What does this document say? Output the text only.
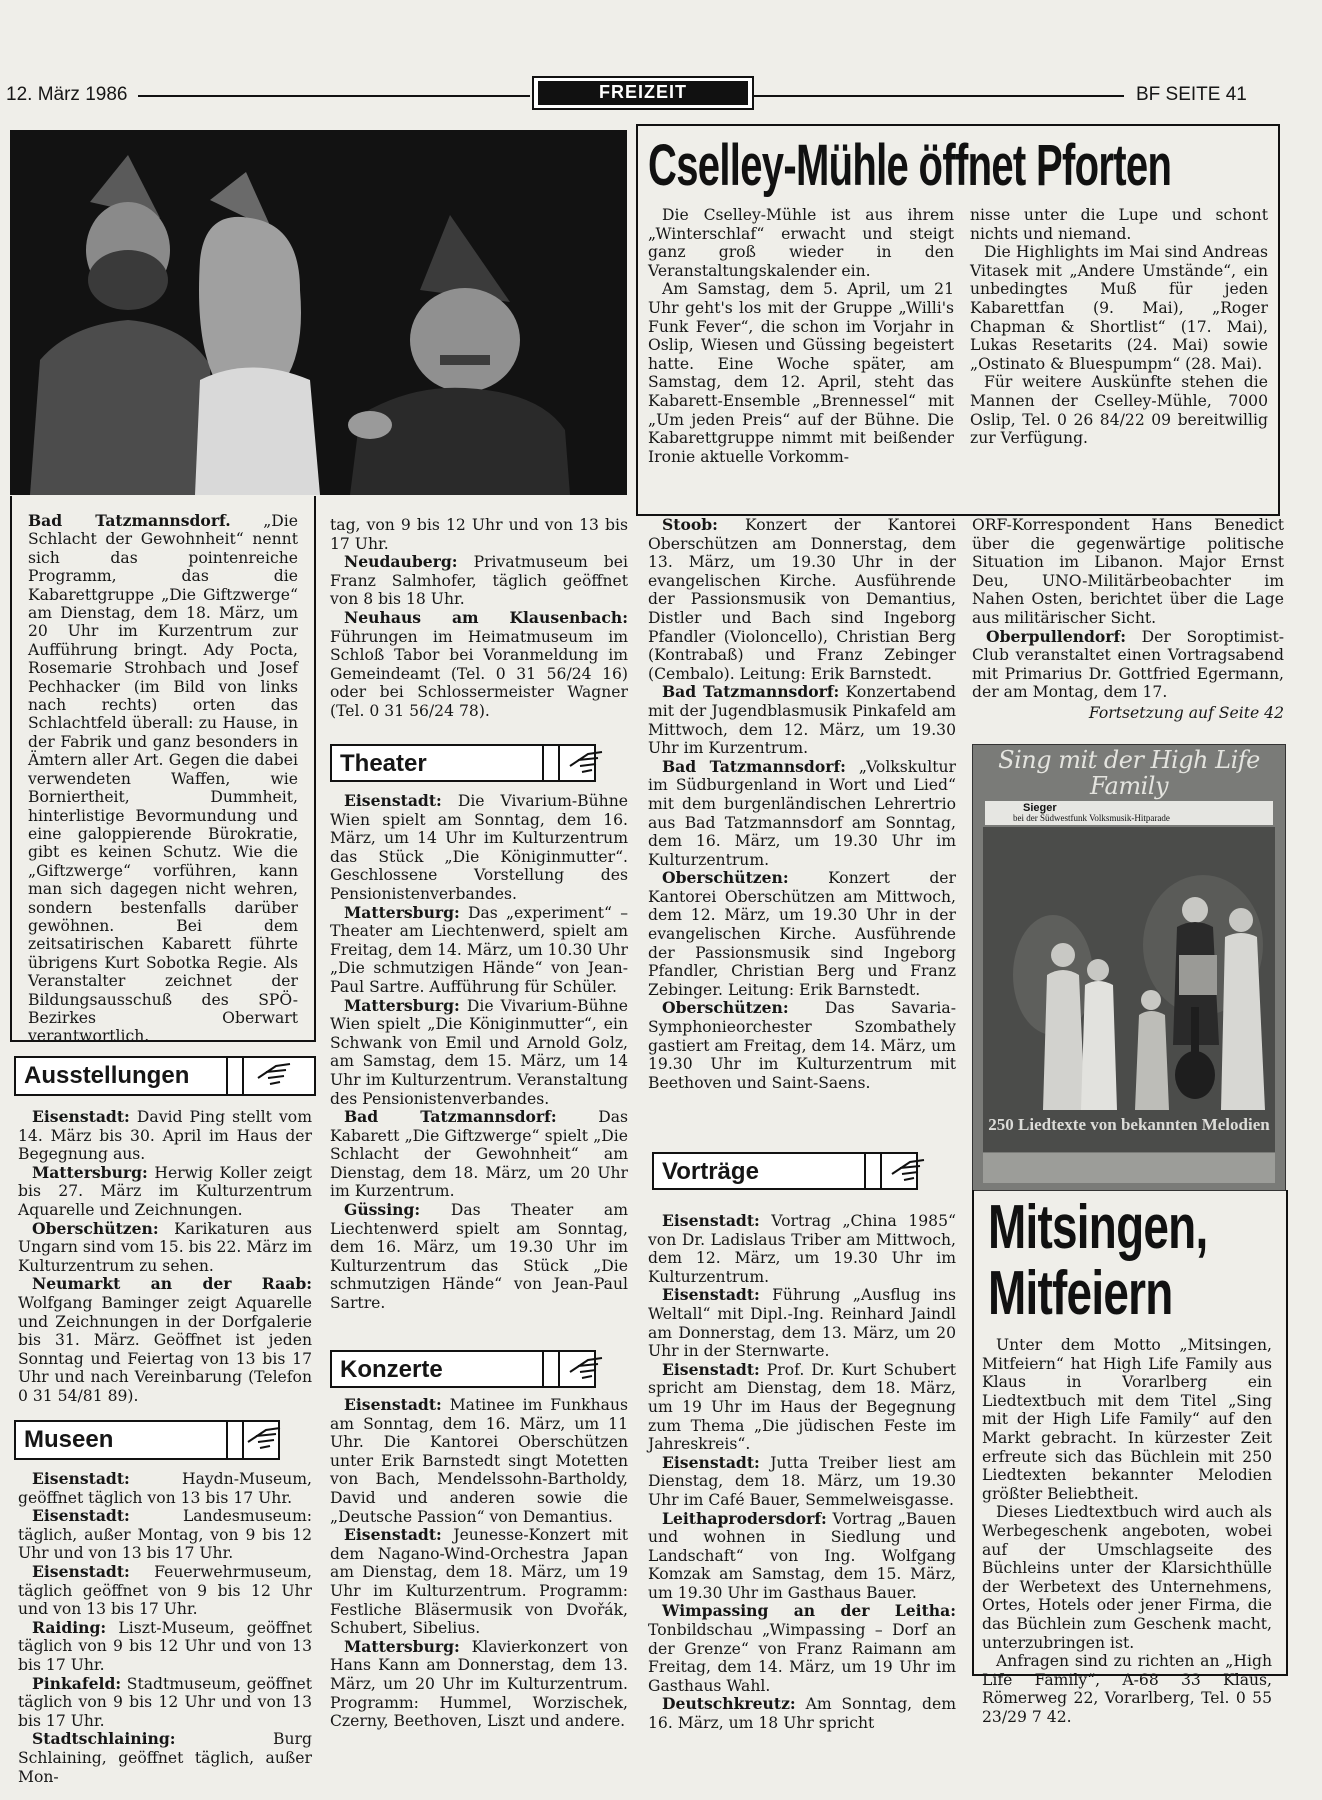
12. März 1986	FREIZEIT	BF SEITE 41
Cselley-Mühle öffnet Pforten

Die Cselley-Mühle ist aus ihrem „Winterschlaf“ erwacht und steigt ganz groß wieder in den Veranstaltungskalender ein.

Am Samstag, dem 5. April, um 21 Uhr geht's los mit der Gruppe „Willi's Funk Fever“, die schon im Vorjahr in Oslip, Wiesen und Güssing begeistert hatte. Eine Woche später, am Samstag, dem 12. April, steht das Kabarett-Ensemble „Brennessel“ mit „Um jeden Preis“ auf der Bühne. Die Kabarettgruppe nimmt mit beißender Ironie aktuelle Vorkomm-

nisse unter die Lupe und schont nichts und niemand.

Die Highlights im Mai sind Andreas Vitasek mit „Andere Umstände“, ein unbedingtes Muß für jeden Kabarettfan (9. Mai), „Roger Chapman & Shortlist“ (17. Mai), Lukas Resetarits (24. Mai) sowie „Ostinato & Bluespumpm“ (28. Mai).

Für weitere Auskünfte stehen die Mannen der Cselley-Mühle, 7000 Oslip, Tel. 0 26 84/22 09 bereitwillig zur Verfügung.

Bad Tatzmannsdorf. „Die Schlacht der Gewohnheit“ nennt sich das pointenreiche Programm, das die Kabarettgruppe „Die Giftzwerge“ am Dienstag, dem 18. März, um 20 Uhr im Kurzentrum zur Aufführung bringt. Ady Pocta, Rosemarie Strohbach und Josef Pechhacker (im Bild von links nach rechts) orten das Schlachtfeld überall: zu Hause, in der Fabrik und ganz besonders in Ämtern aller Art. Gegen die dabei verwendeten Waffen, wie Borniertheit, Dummheit, hinterlistige Bevormundung und eine galoppierende Bürokratie, gibt es keinen Schutz. Wie die „Giftzwerge“ vorführen, kann man sich dagegen nicht wehren, sondern bestenfalls darüber gewöhnen. Bei dem zeitsatirischen Kabarett führte übrigens Kurt Sobotka Regie. Als Veranstalter zeichnet der Bildungsausschuß des SPÖ-Bezirkes Oberwart verantwortlich.

Ausstellungen

Eisenstadt: David Ping stellt vom 14. März bis 30. April im Haus der Begegnung aus.

Mattersburg: Herwig Koller zeigt bis 27. März im Kulturzentrum Aquarelle und Zeichnungen.

Oberschützen: Karikaturen aus Ungarn sind vom 15. bis 22. März im Kulturzentrum zu sehen.

Neumarkt an der Raab: Wolfgang Baminger zeigt Aquarelle und Zeichnungen in der Dorfgalerie bis 31. März. Geöffnet ist jeden Sonntag und Feiertag von 13 bis 17 Uhr und nach Vereinbarung (Telefon 0 31 54/81 89).

Museen

Eisenstadt:	Haydn-Museum, geöffnet täglich von 13 bis 17 Uhr.

Eisenstadt:	Landesmuseum: täglich, außer Montag, von 9 bis 12 Uhr und von 13 bis 17 Uhr.

Eisenstadt: Feuerwehrmuseum, täglich geöffnet von 9 bis 12 Uhr und von 13 bis 17 Uhr.

Raiding: Liszt-Museum, geöffnet täglich von 9 bis 12 Uhr und von 13 bis 17 Uhr.

Pinkafeld: Stadtmuseum, geöffnet täglich von 9 bis 12 Uhr und von 13 bis 17 Uhr.

Stadtschlaining:	Burg Schlaining, geöffnet täglich, außer Mon-

tag, von 9 bis 12 Uhr und von 13 bis 17 Uhr.

Neudauberg: Privatmuseum bei Franz Salmhofer, täglich geöffnet von 8 bis 18 Uhr.

Neuhaus am Klausenbach: Führungen im Heimatmuseum im Schloß Tabor bei Voranmeldung im Gemeindeamt (Tel. 0 31 56/24 16) oder bei Schlossermeister Wagner (Tel. 0 31 56/24 78).

Theater

Eisenstadt: Die Vivarium-Bühne Wien spielt am Sonntag, dem 16. März, um 14 Uhr im Kulturzentrum das Stück „Die Königinmutter“. Geschlossene Vorstellung des Pensionistenverbandes.

Mattersburg: Das „experiment“ – Theater am Liechtenwerd, spielt am Freitag, dem 14. März, um 10.30 Uhr „Die schmutzigen Hände“ von Jean-Paul Sartre. Aufführung für Schüler.

Mattersburg: Die Vivarium-Bühne Wien spielt „Die Königinmutter“, ein Schwank von Emil und Arnold Golz, am Samstag, dem 15. März, um 14 Uhr im Kulturzentrum. Veranstaltung des Pensionistenverbandes.

Bad Tatzmannsdorf:	Das Kabarett „Die Giftzwerge“ spielt „Die Schlacht der Gewohnheit“ am Dienstag, dem 18. März, um 20 Uhr im Kurzentrum.

Güssing: Das Theater am Liechtenwerd spielt am Sonntag, dem 16. März, um 19.30 Uhr im Kulturzentrum das Stück „Die schmutzigen Hände“ von Jean-Paul Sartre.

Konzerte

Eisenstadt: Matinee im Funkhaus am Sonntag, dem 16. März, um 11 Uhr. Die Kantorei Oberschützen unter Erik Barnstedt singt Motetten von Bach, Mendelssohn-Bartholdy, David und anderen sowie die „Deutsche Passion“ von Demantius.

Eisenstadt: Jeunesse-Konzert mit dem Nagano-Wind-Orchestra Japan am Dienstag, dem 18. März, um 19 Uhr im Kulturzentrum. Programm: Festliche Bläsermusik von Dvořák, Schubert, Sibelius.

Mattersburg: Klavierkonzert von Hans Kann am Donnerstag, dem 13. März, um 20 Uhr im Kulturzentrum. Programm: Hummel, Worzischek, Czerny, Beethoven, Liszt und andere.

Stoob: Konzert der Kantorei Oberschützen am Donnerstag, dem 13. März, um 19.30 Uhr in der evangelischen Kirche. Ausführende der Passionsmusik von Demantius, Distler und Bach sind Ingeborg Pfandler (Violoncello), Christian Berg (Kontrabaß) und Franz Zebinger (Cembalo). Leitung: Erik Barnstedt.

Bad Tatzmannsdorf: Konzertabend mit der Jugendblasmusik Pinkafeld am Mittwoch, dem 12. März, um 19.30 Uhr im Kurzentrum.

Bad Tatzmannsdorf: „Volkskultur im Südburgenland in Wort und Lied“ mit dem burgenländischen Lehrertrio aus Bad Tatzmannsdorf am Sonntag, dem 16. März, um 19.30 Uhr im Kulturzentrum.

Oberschützen:	Konzert der Kantorei Oberschützen am Mittwoch, dem 12. März, um 19.30 Uhr in der evangelischen Kirche. Ausführende der Passionsmusik sind Ingeborg Pfandler, Christian Berg und Franz Zebinger. Leitung: Erik Barnstedt.

Oberschützen: Das Savaria-Symphonieorchester Szombathely gastiert am Freitag, dem 14. März, um 19.30 Uhr im Kulturzentrum mit Beethoven und Saint-Saens.

Vorträge

Eisenstadt: Vortrag „China 1985“ von Dr. Ladislaus Triber am Mittwoch, dem 12. März, um 19.30 Uhr im Kulturzentrum.

Eisenstadt: Führung „Ausflug ins Weltall“ mit Dipl.-Ing. Reinhard Jaindl am Donnerstag, dem 13. März, um 20 Uhr in der Sternwarte.

Eisenstadt: Prof. Dr. Kurt Schubert spricht am Dienstag, dem 18. März, um 19 Uhr im Haus der Begegnung zum Thema „Die jüdischen Feste im Jahreskreis“.

Eisenstadt: Jutta Treiber liest am Dienstag, dem 18. März, um 19.30 Uhr im Café Bauer, Semmelweisgasse.

Leithaprodersdorf: Vortrag „Bauen und wohnen in Siedlung und Landschaft“ von Ing. Wolfgang Komzak am Samstag, dem 15. März, um 19.30 Uhr im Gasthaus Bauer.

Wimpassing an der Leitha: Tonbildschau „Wimpassing – Dorf an der Grenze“ von Franz Raimann am Freitag, dem 14. März, um 19 Uhr im Gasthaus Wahl.

Deutschkreutz: Am Sonntag, dem 16. März, um 18 Uhr spricht

ORF-Korrespondent Hans Benedict über die gegenwärtige politische Situation im Libanon. Major Ernst Deu, UNO-Militärbeobachter im Nahen Osten, berichtet über die Lage aus militärischer Sicht.

Oberpullendorf: Der Soroptimist-Club veranstaltet einen Vortragsabend mit Primarius Dr. Gottfried Egermann, der am Montag, dem 17.

Fortsetzung auf Seite 42

Sing mit der High Life Family
Sieger
bei der Südwestfunk Volksmusik-Hitparade
250 Liedtexte von bekannten Melodien
Mitsingen,
Mitfeiern

Unter dem Motto „Mitsingen, Mitfeiern“ hat High Life Family aus Klaus in Vorarlberg ein Liedtextbuch mit dem Titel „Sing mit der High Life Family“ auf den Markt gebracht. In kürzester Zeit erfreute sich das Büchlein mit 250 Liedtexten bekannter Melodien größter Beliebtheit.

Dieses Liedtextbuch wird auch als Werbegeschenk angeboten, wobei auf der Umschlagseite des Büchleins unter der Klarsichthülle der Werbetext des Unternehmens, Ortes, Hotels oder jener Firma, die das Büchlein zum Geschenk macht, unterzubringen ist.

Anfragen sind zu richten an „High Life Family“, A-68 33 Klaus, Römerweg 22, Vorarlberg, Tel. 0 55 23/29 7 42.
